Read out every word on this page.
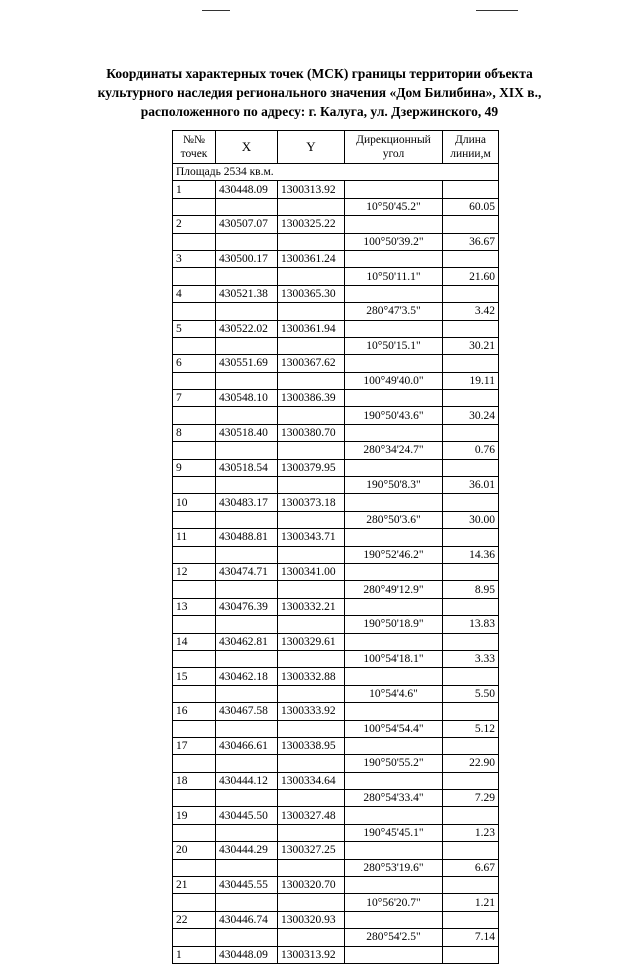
Координаты характерных точек (МСК) границы территории объекта
культурного наследия регионального значения «Дом Билибина», XIX в.,
расположенного по адресу: г. Калуга, ул. Дзержинского, 49
№№ точек	X	Y	Дирекционный угол	Длина линии,м
Площадь 2534 кв.м.				
1	430448.09	1300313.92		
			10°50'45.2"	60.05
2	430507.07	1300325.22		
			100°50'39.2"	36.67
3	430500.17	1300361.24		
			10°50'11.1"	21.60
4	430521.38	1300365.30		
			280°47'3.5"	3.42
5	430522.02	1300361.94		
			10°50'15.1"	30.21
6	430551.69	1300367.62		
			100°49'40.0"	19.11
7	430548.10	1300386.39		
			190°50'43.6"	30.24
8	430518.40	1300380.70		
			280°34'24.7"	0.76
9	430518.54	1300379.95		
			190°50'8.3"	36.01
10	430483.17	1300373.18		
			280°50'3.6"	30.00
11	430488.81	1300343.71		
			190°52'46.2"	14.36
12	430474.71	1300341.00		
			280°49'12.9"	8.95
13	430476.39	1300332.21		
			190°50'18.9"	13.83
14	430462.81	1300329.61		
			100°54'18.1"	3.33
15	430462.18	1300332.88		
			10°54'4.6"	5.50
16	430467.58	1300333.92		
			100°54'54.4"	5.12
17	430466.61	1300338.95		
			190°50'55.2"	22.90
18	430444.12	1300334.64		
			280°54'33.4"	7.29
19	430445.50	1300327.48		
			190°45'45.1"	1.23
20	430444.29	1300327.25		
			280°53'19.6"	6.67
21	430445.55	1300320.70		
			10°56'20.7"	1.21
22	430446.74	1300320.93		
			280°54'2.5"	7.14
1	430448.09	1300313.92		
